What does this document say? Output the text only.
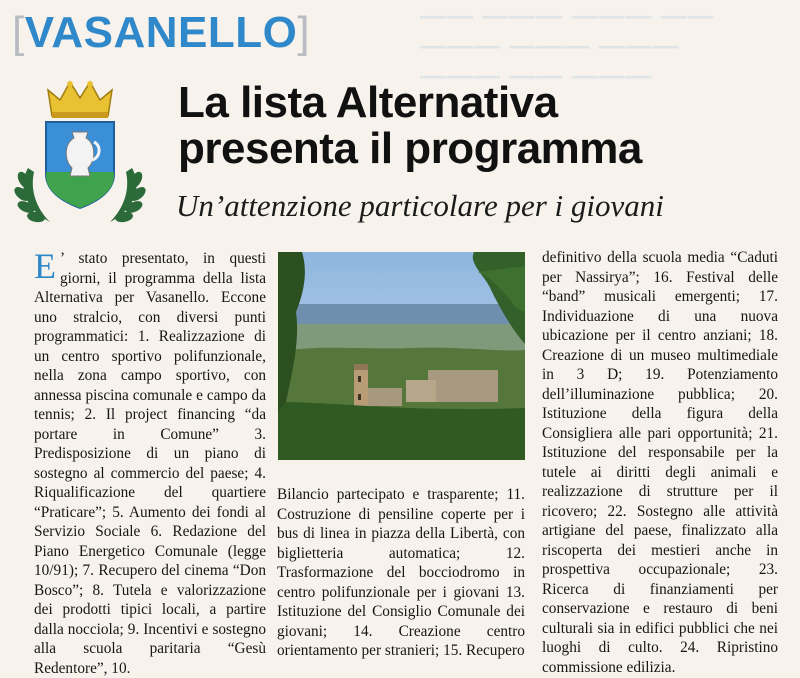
—— ——— ——— ——
——— ——— ———
——— —— ———
[VASANELLO]
La lista Alternativa
presenta il programma
Un’attenzione particolare per i giovani
E ’ stato presentato, in questi giorni, il programma della lista Alternativa per Vasanello. Eccone uno stralcio, con diversi punti programmatici: 1. Realizzazione di un centro sportivo polifunzionale, nella zona campo sportivo, con annessa piscina comunale e campo da tennis; 2. Il project financing “da portare in Comune” 3. Predisposizione di un piano di sostegno al commercio del paese; 4. Riqualificazione del quartiere “Praticare”; 5. Aumento dei fondi al Servizio Sociale 6. Redazione del Piano Energetico Comunale (legge 10/91); 7. Recupero del cinema “Don Bosco”; 8. Tutela e valorizzazione dei prodotti tipici locali, a partire dalla nocciola; 9. Incentivi e sostegno alla scuola paritaria “Gesù Redentore”, 10.
Bilancio partecipato e trasparente; 11. Costruzione di pensiline coperte per i bus di linea in piazza della Libertà, con biglietteria automatica; 12. Trasformazione del bocciodromo in centro polifunzionale per i giovani 13. Istituzione del Consiglio Comunale dei giovani; 14. Creazione centro orientamento per stranieri; 15. Recupero
definitivo della scuola media “Caduti per Nassirya”; 16. Festival delle “band” musicali emergenti; 17. Individuazione di una nuova ubicazione per il centro anziani; 18. Creazione di un museo multimediale in 3 D; 19. Potenziamento dell’illuminazione pubblica; 20. Istituzione della figura della Consigliera alle pari opportunità; 21. Istituzione del responsabile per la tutele ai diritti degli animali e realizzazione di strutture per il ricovero; 22. Sostegno alle attività artigiane del paese, finalizzato alla riscoperta dei mestieri anche in prospettiva occupazionale; 23. Ricerca di finanziamenti per conservazione e restauro di beni culturali sia in edifici pubblici che nei luoghi di culto. 24. Ripristino commissione edilizia.
